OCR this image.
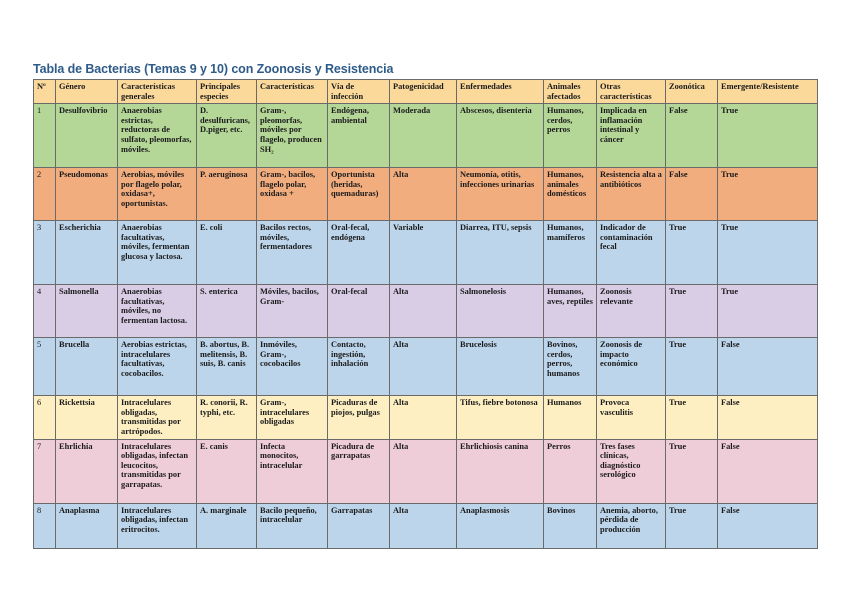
Tabla de Bacterias (Temas 9 y 10) con Zoonosis y Resistencia
Nº	Género	Características generales	Principales especies	Características	Vía de infección	Patogenicidad	Enfermedades	Animales afectados	Otras características	Zoonótica	Emergente/Resistente
1	Desulfovibrio	Anaerobias estrictas, reductoras de sulfato, pleomorfas, móviles.	D. desulfuricans, D.piger, etc.	Gram-, pleomorfas, móviles por flagelo, producen SH₂	Endógena, ambiental	Moderada	Abscesos, disentería	Humanos, cerdos, perros	Implicada en inflamación intestinal y cáncer	False	True
2	Pseudomonas	Aerobias, móviles por flagelo polar, oxidasa+, oportunistas.	P. aeruginosa	Gram-, bacilos, flagelo polar, oxidasa +	Oportunista (heridas, quemaduras)	Alta	Neumonía, otitis, infecciones urinarias	Humanos, animales domésticos	Resistencia alta a antibióticos	False	True
3	Escherichia	Anaerobias facultativas, móviles, fermentan glucosa y lactosa.	E. coli	Bacilos rectos, móviles, fermentadores	Oral-fecal, endógena	Variable	Diarrea, ITU, sepsis	Humanos, mamíferos	Indicador de contaminación fecal	True	True
4	Salmonella	Anaerobias facultativas, móviles, no fermentan lactosa.	S. enterica	Móviles, bacilos, Gram-	Oral-fecal	Alta	Salmonelosis	Humanos, aves, reptiles	Zoonosis relevante	True	True
5	Brucella	Aerobias estrictas, intracelulares facultativas, cocobacilos.	B. abortus, B. melitensis, B. suis, B. canis	Inmóviles, Gram-, cocobacilos	Contacto, ingestión, inhalación	Alta	Brucelosis	Bovinos, cerdos, perros, humanos	Zoonosis de impacto económico	True	False
6	Rickettsia	Intracelulares obligadas, transmitidas por artrópodos.	R. conorii, R. typhi, etc.	Gram-, intracelulares obligadas	Picaduras de piojos, pulgas	Alta	Tifus, fiebre botonosa	Humanos	Provoca vasculitis	True	False
7	Ehrlichia	Intracelulares obligadas, infectan leucocitos, transmitidas por garrapatas.	E. canis	Infecta monocitos, intracelular	Picadura de garrapatas	Alta	Ehrlichiosis canina	Perros	Tres fases clínicas, diagnóstico serológico	True	False
8	Anaplasma	Intracelulares obligadas, infectan eritrocitos.	A. marginale	Bacilo pequeño, intracelular	Garrapatas	Alta	Anaplasmosis	Bovinos	Anemia, aborto, pérdida de producción	True	False
